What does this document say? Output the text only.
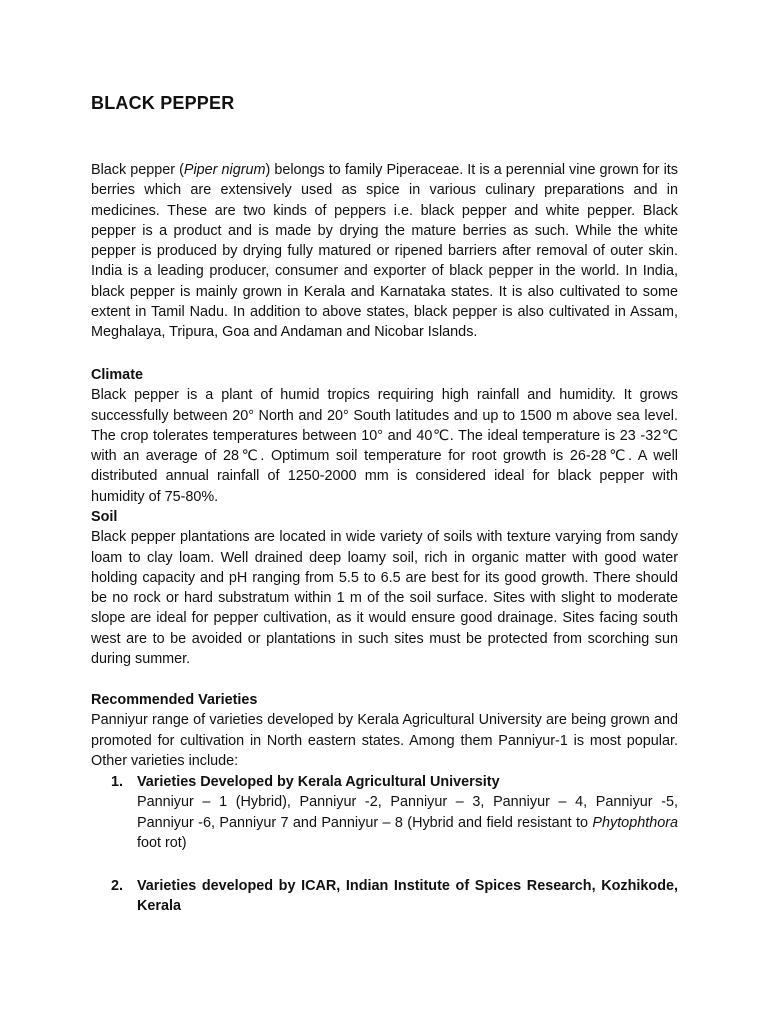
BLACK PEPPER

Black pepper (Piper nigrum) belongs to family Piperaceae. It is a perennial vine grown for its berries which are extensively used as spice in various culinary preparations and in medicines. These are two kinds of peppers i.e. black pepper and white pepper. Black pepper is a product and is made by drying the mature berries as such. While the white pepper is produced by drying fully matured or ripened barriers after removal of outer skin. India is a leading producer, consumer and exporter of black pepper in the world. In India, black pepper is mainly grown in Kerala and Karnataka states. It is also cultivated to some extent in Tamil Nadu. In addition to above states, black pepper is also cultivated in Assam, Meghalaya, Tripura, Goa and Andaman and Nicobar Islands.

Climate
Black pepper is a plant of humid tropics requiring high rainfall and humidity. It grows successfully between 20° North and 20° South latitudes and up to 1500 m above sea level. The crop tolerates temperatures between 10° and 40℃. The ideal temperature is 23 -32℃ with an average of 28℃. Optimum soil temperature for root growth is 26-28℃. A well distributed annual rainfall of 1250-2000 mm is considered ideal for black pepper with humidity of 75-80%.
Soil
Black pepper plantations are located in wide variety of soils with texture varying from sandy loam to clay loam. Well drained deep loamy soil, rich in organic matter with good water holding capacity and pH ranging from 5.5 to 6.5 are best for its good growth. There should be no rock or hard substratum within 1 m of the soil surface. Sites with slight to moderate slope are ideal for pepper cultivation, as it would ensure good drainage. Sites facing south west are to be avoided or plantations in such sites must be protected from scorching sun during summer.
Recommended Varieties
Panniyur range of varieties developed by Kerala Agricultural University are being grown and promoted for cultivation in North eastern states. Among them Panniyur-1 is most popular. Other varieties include:
1. Varieties Developed by Kerala Agricultural University
Panniyur – 1 (Hybrid), Panniyur -2, Panniyur – 3, Panniyur – 4, Panniyur -5, Panniyur -6, Panniyur 7 and Panniyur – 8 (Hybrid and field resistant to Phytophthora foot rot)
2. Varieties developed by ICAR, Indian Institute of Spices Research, Kozhikode, Kerala
